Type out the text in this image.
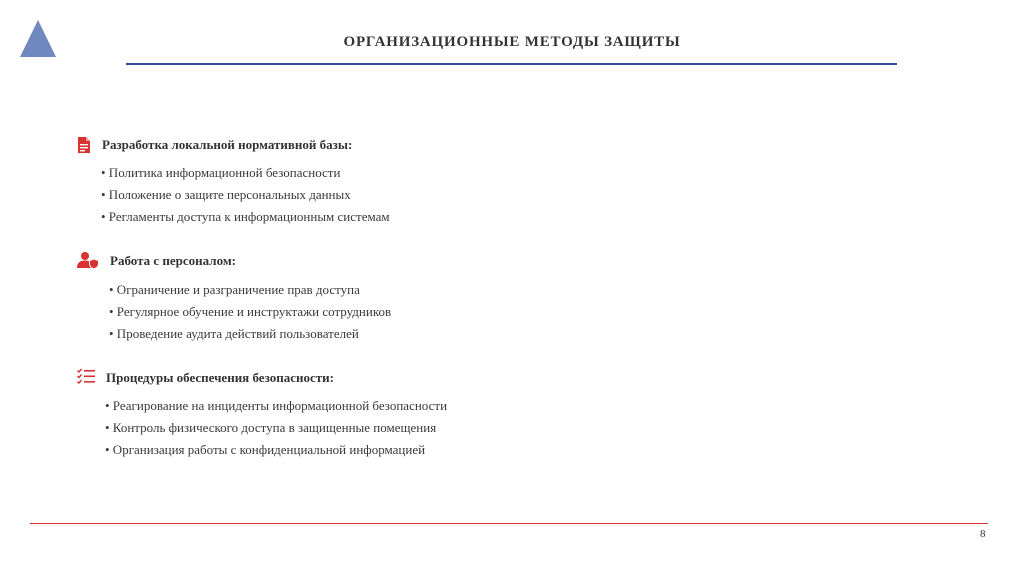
ОРГАНИЗАЦИОННЫЕ МЕТОДЫ ЗАЩИТЫ
Разработка локальной нормативной базы:
• Политика информационной безопасности
• Положение о защите персональных данных
• Регламенты доступа к информационным системам
Работа с персоналом:
• Ограничение и разграничение прав доступа
• Регулярное обучение и инструктажи сотрудников
• Проведение аудита действий пользователей
Процедуры обеспечения безопасности:
• Реагирование на инциденты информационной безопасности
• Контроль физического доступа в защищенные помещения
• Организация работы с конфиденциальной информацией
8
